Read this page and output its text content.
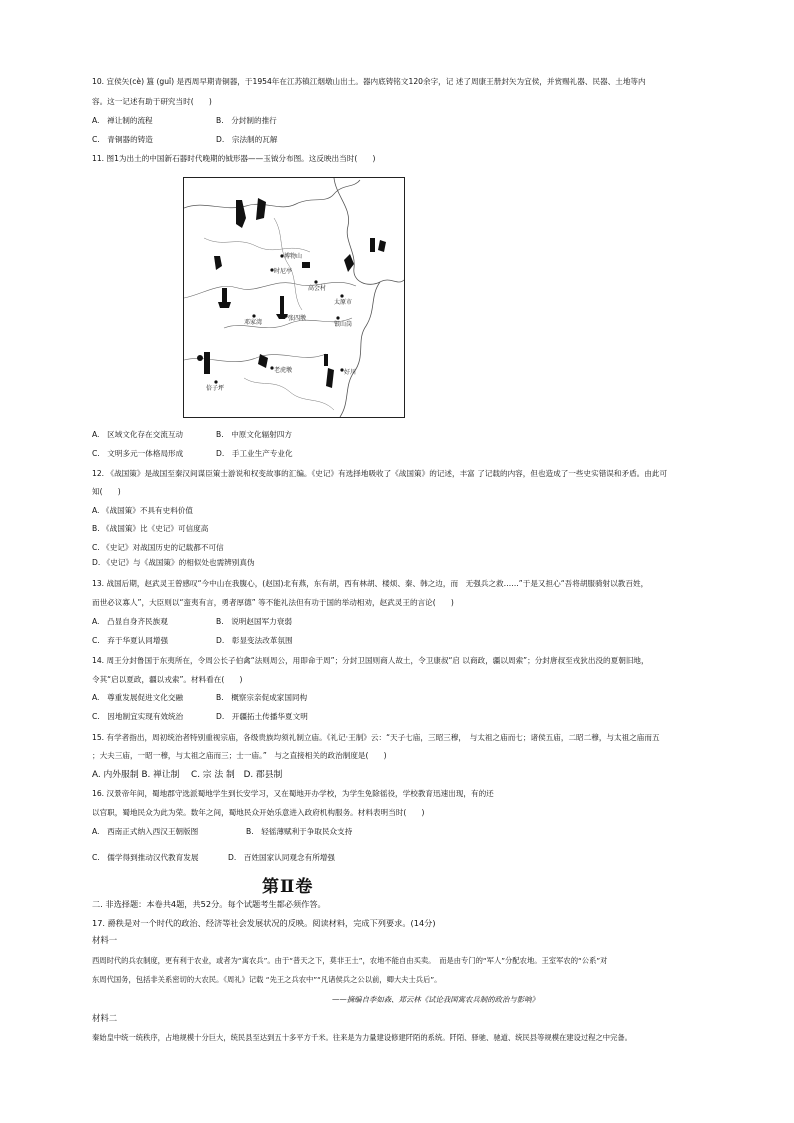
10. 宜侯矢(cè) 簋 (guǐ) 是西周早期青铜器，于1954年在江苏镇江烟墩山出土。器内底铸铭文120余字，记 述了周康王册封矢为宜侯，并赏赐礼器、民器、土地等内
容。这一记述有助于研究当时(　　)
A.　禅让制的流程	B.　分封制的推行
C.　青铜器的铸造	D.　宗法制的瓦解
11. 图1为出土的中国新石器时代晚期的钺形器——玉钺分布图。这反映出当时(　　)
博物山
时尼亭
高会村
太原市
邓家湾
张四墩
银山岗
老虎墩
倍子坪
好川
A.　区域文化存在交流互动	B.　中原文化辐射四方
C.　文明多元一体格局形成	D.　手工业生产专业化
12. 《战国策》是战国至秦汉间谋臣策士游说和权变故事的汇编。《史记》有选择地吸收了《战国策》的记述，丰富 了记载的内容，但也造成了一些史实错误和矛盾。由此可
知(　　)
A. 《战国策》不具有史料价值
B. 《战国策》比《史记》可信度高
C. 《史记》对战国历史的记载都不可信
D. 《史记》与《战国策》的相似处也需辨别真伪
13. 战国后期，赵武灵王曾感叹“今中山在我腹心，(赵国)北有燕，东有胡，西有林胡、楼烦、秦、韩之边，而　无强兵之救……”于是又担心“吾将胡服骑射以教百姓，
而世必议寡人”，大臣则以“蛮夷有言，勇者厚德” 等不能礼法但有功于国的举动相劝，赵武灵王的言论(　　)
A.　凸显自身齐民族观	B.　说明赵国军力衰弱
C.　弃于华夏认同增强	D.　彰显变法改革氛围
14. 周王分封鲁国于东夷所在，令周公长子伯禽“法则周公，用即命于周”；分封卫国则商人故土，令卫康叔“启 以商政，疆以周索”；分封唐叔至戎狄出没的夏朝旧地，
令其“启以夏政，疆以戎索”。材料看在(　　)
A.　尊重发展促进文化交融	B.　概察宗亲促成家国同构
C.　因地制宜实现有效统治	D.　开疆拓土传播华夏文明
15. 有学者指出，周初统治者特别重视宗庙，各级贵族均须礼制立庙。《礼记·王制》云：“天子七庙，三昭三穆，　与太祖之庙而七；诸侯五庙，二昭二穆，与太祖之庙而五
；大夫三庙，一昭一穆，与太祖之庙而三；士一庙。”　与之直接相关的政治制度是(　　)
A. 内外服制 B. 禅让制　 C. 宗 法 制　D. 郡县制
16. 汉景帝年间，蜀地郡守选派蜀地学生到长安学习，又在蜀地开办学校，为学生免除徭役，学校教育迅速出现，有的还
以官职，蜀地民众为此为荣。数年之间，蜀地民众开始乐意进入政府机构服务。材料表明当时(　　)
A.　西南正式纳入西汉王朝版图	B.　轻徭薄赋利于争取民众支持
C.　儒学得到推动汉代教育发展	D.　百姓国家认同观念有所增强
第Ⅱ卷
二. 非选择题：本卷共4题，共52分。每个试题考生都必须作答。
17. 爵秩是对一个时代的政治、经济等社会发展状况的反映。阅读材料，完成下列要求。(14分)
材料一
西周时代的兵农制度，更有利于农业，或者为“寓农兵”。由于“普天之下，莫非王土”，农地不能自由买卖。　而是由专门的“军人”分配农地。王室军农的“公系”对
东周代国务，包括非关系密切的大农民。《周礼》记载 “先王之兵农中”“凡诸侯兵之公以前，卿大夫士兵后”。
——摘编自李如森、郑云林《试论我国寓农兵制的政治与影响》
材料二
秦始皇中统一统秩序，占地规模十分巨大，统民县至达到五十多平方千米。往来是为力量建设修建阡陌的系统。阡陌、驿驰、驰道、统民县等规模在建设过程之中完备。
